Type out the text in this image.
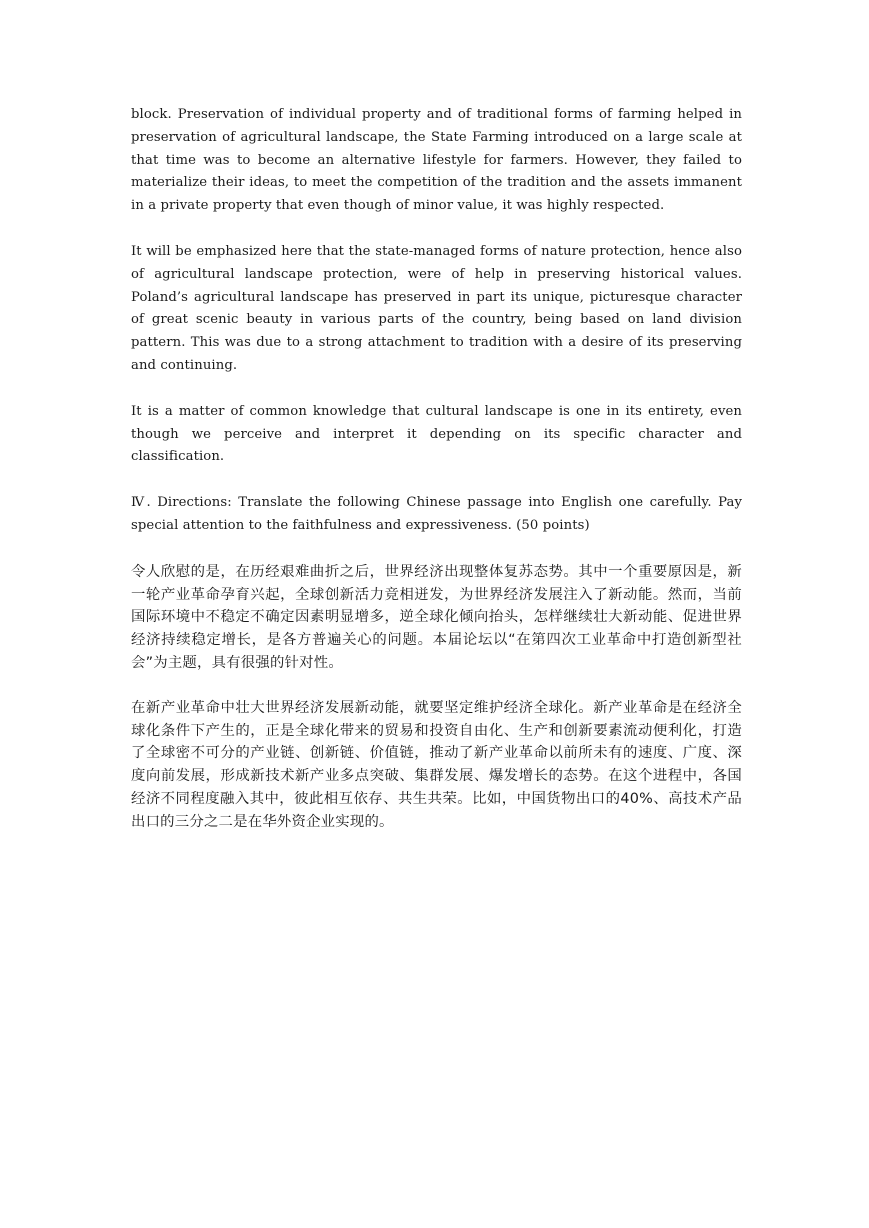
block. Preservation of individual property and of traditional forms of farming helped in preservation of agricultural landscape, the State Farming introduced on a large scale at that time was to become an alternative lifestyle for farmers. However, they failed to materialize their ideas, to meet the competition of the tradition and the assets immanent in a private property that even though of minor value, it was highly respected.

It will be emphasized here that the state-managed forms of nature protection, hence also of agricultural landscape protection, were of help in preserving historical values. Poland’s agricultural landscape has preserved in part its unique, picturesque character of great scenic beauty in various parts of the country, being based on land division pattern. This was due to a strong attachment to tradition with a desire of its preserving and continuing.

It is a matter of common knowledge that cultural landscape is one in its entirety, even though we perceive and interpret it depending on its specific character and classification.

Ⅳ. Directions: Translate the following Chinese passage into English one carefully. Pay special attention to the faithfulness and expressiveness. (50 points)

令人欣慰的是，在历经艰难曲折之后，世界经济出现整体复苏态势。其中一个重要原因是，新一轮产业革命孕育兴起，全球创新活力竞相迸发，为世界经济发展注入了新动能。然而，当前国际环境中不稳定不确定因素明显增多，逆全球化倾向抬头，怎样继续壮大新动能、促进世界经济持续稳定增长，是各方普遍关心的问题。本届论坛以“在第四次工业革命中打造创新型社会”为主题，具有很强的针对性。

在新产业革命中壮大世界经济发展新动能，就要坚定维护经济全球化。新产业革命是在经济全球化条件下产生的，正是全球化带来的贸易和投资自由化、生产和创新要素流动便利化，打造了全球密不可分的产业链、创新链、价值链，推动了新产业革命以前所未有的速度、广度、深度向前发展，形成新技术新产业多点突破、集群发展、爆发增长的态势。在这个进程中，各国经济不同程度融入其中，彼此相互依存、共生共荣。比如，中国货物出口的40%、高技术产品出口的三分之二是在华外资企业实现的。
